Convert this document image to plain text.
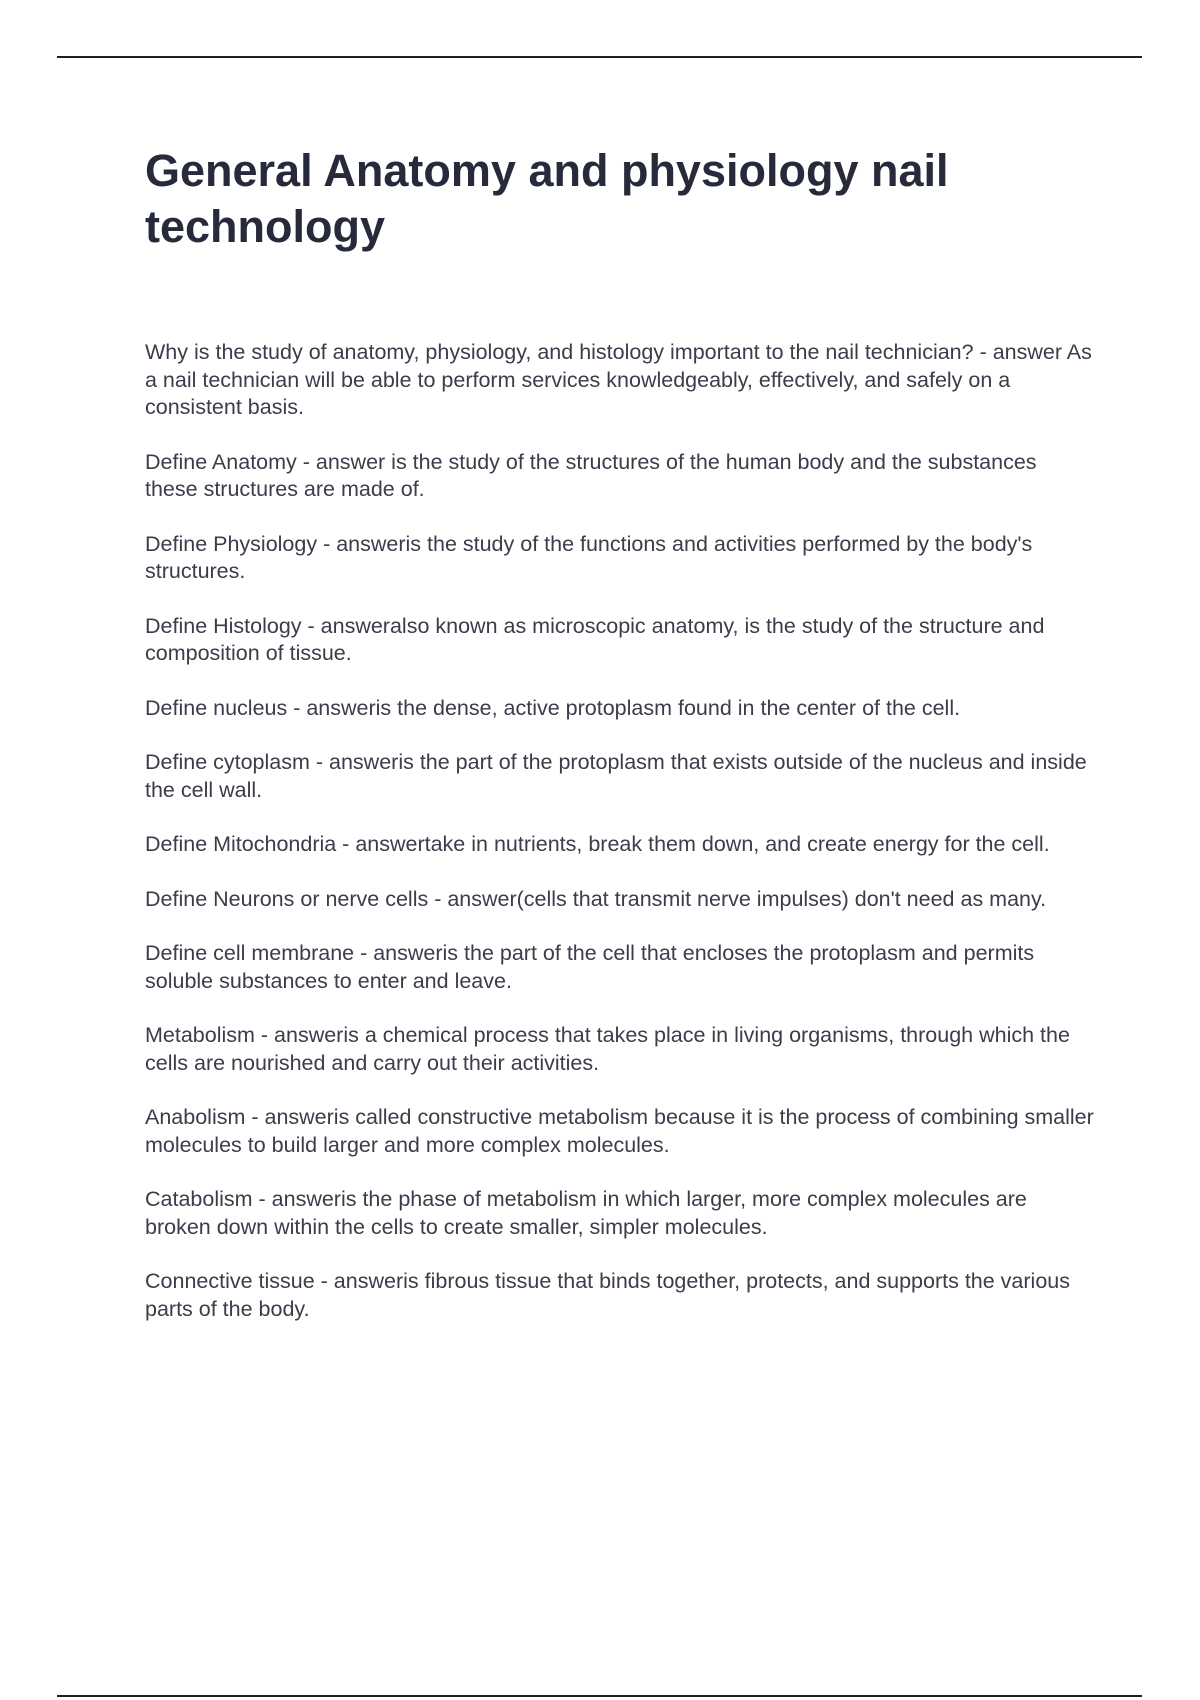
General Anatomy and physiology nail technology
Why is the study of anatomy, physiology, and histology important to the nail technician? - answer As a nail technician will be able to perform services knowledgeably, effectively, and safely on a consistent basis.
Define Anatomy - answer is the study of the structures of the human body and the substances these structures are made of.
Define Physiology - answeris the study of the functions and activities performed by the body's structures.
Define Histology - answeralso known as microscopic anatomy, is the study of the structure and composition of tissue.
Define nucleus - answeris the dense, active protoplasm found in the center of the cell.
Define cytoplasm - answeris the part of the protoplasm that exists outside of the nucleus and inside the cell wall.
Define Mitochondria - answertake in nutrients, break them down, and create energy for the cell.
Define Neurons or nerve cells - answer(cells that transmit nerve impulses) don't need as many.
Define cell membrane - answeris the part of the cell that encloses the protoplasm and permits soluble substances to enter and leave.
Metabolism - answeris a chemical process that takes place in living organisms, through which the cells are nourished and carry out their activities.
Anabolism - answeris called constructive metabolism because it is the process of combining smaller molecules to build larger and more complex molecules.
Catabolism - answeris the phase of metabolism in which larger, more complex molecules are broken down within the cells to create smaller, simpler molecules.
Connective tissue - answeris fibrous tissue that binds together, protects, and supports the various parts of the body.
